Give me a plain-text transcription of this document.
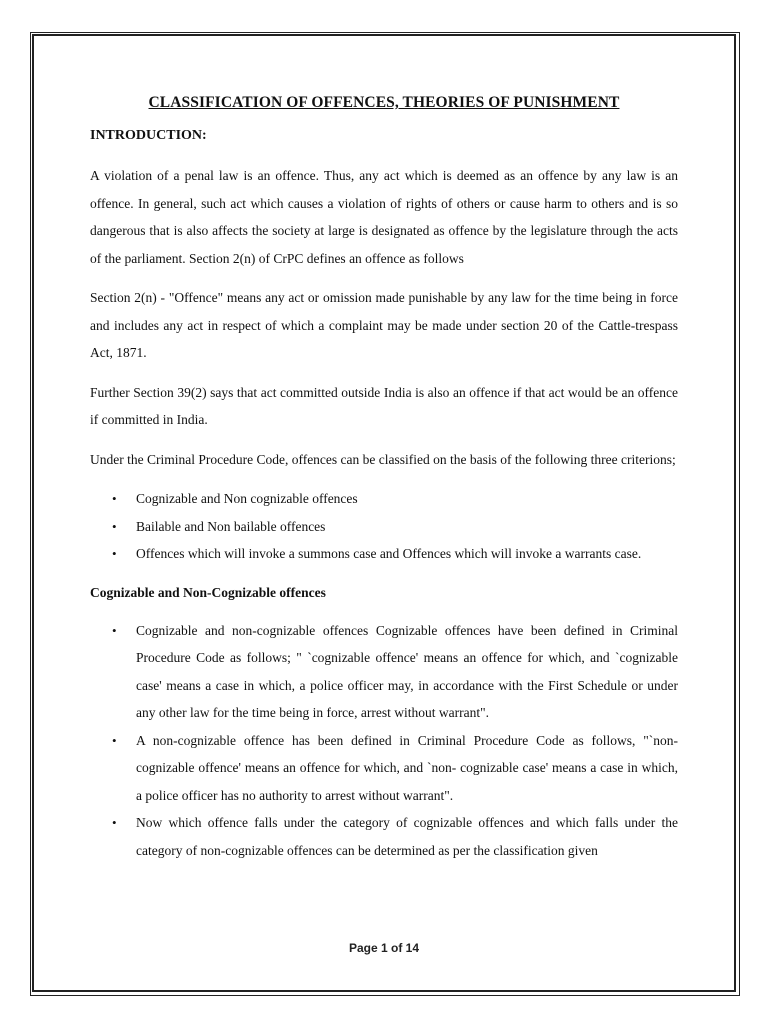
CLASSIFICATION OF OFFENCES, THEORIES OF PUNISHMENT
INTRODUCTION:

A violation of a penal law is an offence. Thus, any act which is deemed as an offence by any law is an offence. In general, such act which causes a violation of rights of others or cause harm to others and is so dangerous that is also affects the society at large is designated as offence by the legislature through the acts of the parliament. Section 2(n) of CrPC defines an offence as follows

Section 2(n) - "Offence" means any act or omission made punishable by any law for the time being in force and includes any act in respect of which a complaint may be made under section 20 of the Cattle-trespass Act, 1871.

Further Section 39(2) says that act committed outside India is also an offence if that act would be an offence if committed in India.

Under the Criminal Procedure Code, offences can be classified on the basis of the following three criterions;

• Cognizable and Non cognizable offences
• Bailable and Non bailable offences
• Offences which will invoke a summons case and Offences which will invoke a warrants case.
Cognizable and Non-Cognizable offences
• Cognizable and non-cognizable offences Cognizable offences have been defined in Criminal Procedure Code as follows; " `cognizable offence' means an offence for which, and `cognizable case' means a case in which, a police officer may, in accordance with the First Schedule or under any other law for the time being in force, arrest without warrant".
• A non-cognizable offence has been defined in Criminal Procedure Code as follows, "`non-cognizable offence' means an offence for which, and `non- cognizable case' means a case in which, a police officer has no authority to arrest without warrant".
• Now which offence falls under the category of cognizable offences and which falls under the category of non-cognizable offences can be determined as per the classification given
Page 1 of 14
